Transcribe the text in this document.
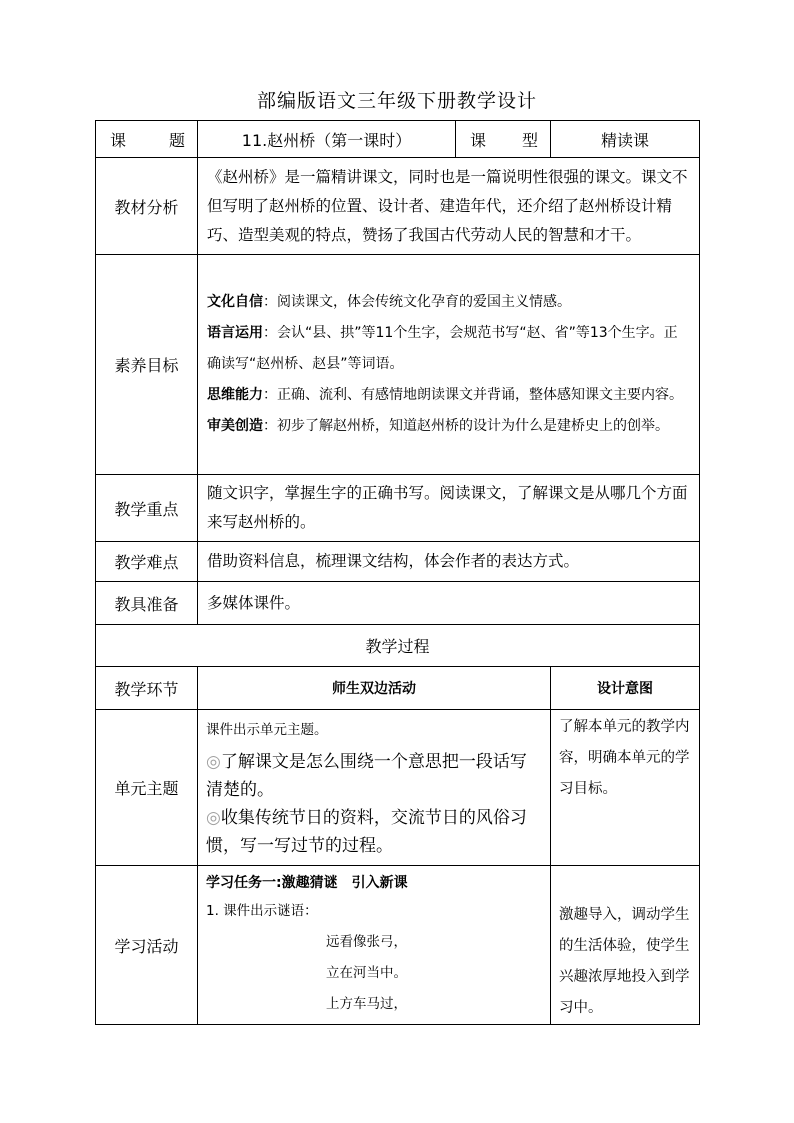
部编版语文三年级下册教学设计
课 题	11.赵州桥（第一课时）	课 型	精读课
教材分析	《赵州桥》是一篇精讲课文，同时也是一篇说明性很强的课文。课文不但写明了赵州桥的位置、设计者、建造年代，还介绍了赵州桥设计精巧、造型美观的特点，赞扬了我国古代劳动人民的智慧和才干。		
素养目标	文化自信：阅读课文，体会传统文化孕育的爱国主义情感。
语言运用：会认“县、拱”等11个生字，会规范书写“赵、省”等13个生字。正确读写“赵州桥、赵县”等词语。
思维能力：正确、流利、有感情地朗读课文并背诵，整体感知课文主要内容。
审美创造：初步了解赵州桥，知道赵州桥的设计为什么是建桥史上的创举。		

教学重点	随文识字，掌握生字的正确书写。阅读课文，了解课文是从哪几个方面来写赵州桥的。		
教学难点	借助资料信息，梳理课文结构，体会作者的表达方式。		
教具准备	多媒体课件。		
教学过程			
教学环节	师生双边活动		设计意图
单元主题	课件出示单元主题。
◎了解课文是怎么围绕一个意思把一段话写清楚的。
◎收集传统节日的资料，交流节日的风俗习惯，写一写过节的过程。		了解本单元的教学内容，明确本单元的学习目标。
学习活动	学习任务一:激趣猜谜　引入新课
1. 课件出示谜语：
远看像张弓，
立在河当中。
上方车马过，		激趣导入，调动学生的生活体验，使学生兴趣浓厚地投入到学习中。
